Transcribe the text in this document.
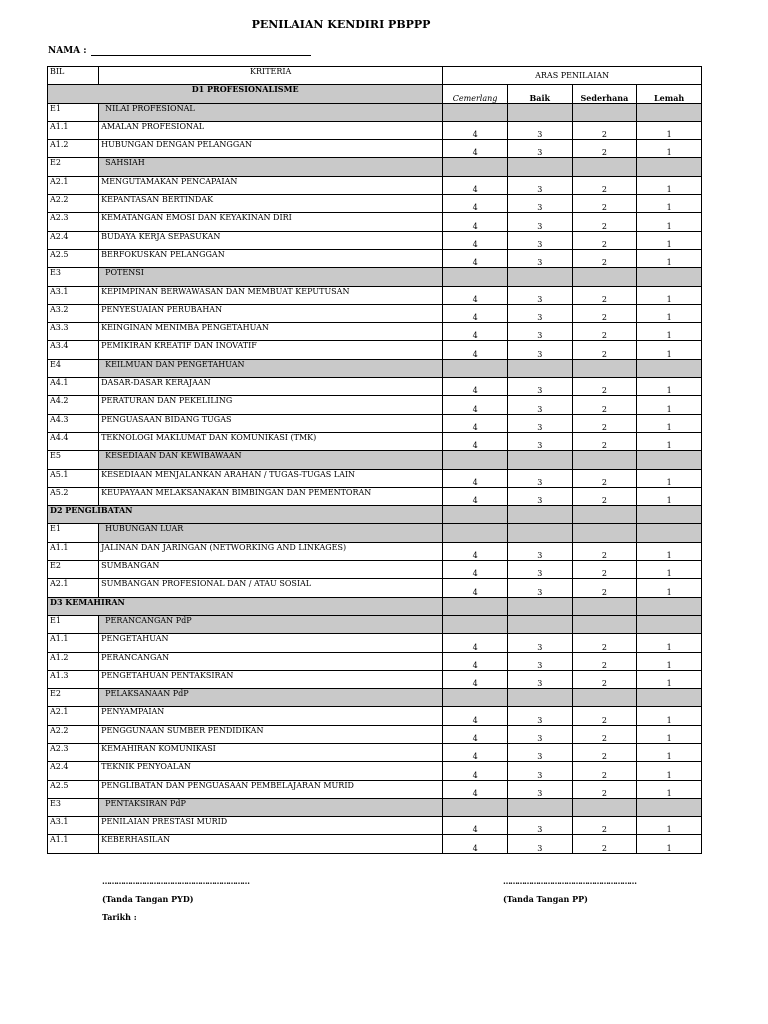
PENILAIAN KENDIRI PBPPP
NAMA :
BIL	KRITERIA	ARAS PENILAIAN			
D1 PROFESIONALISME		Cemerlang	Baik	Sederhana	Lemah
E1	NILAI PROFESIONAL				
A1.1	AMALAN PROFESIONAL	4	3	2	1
A1.2	HUBUNGAN DENGAN PELANGGAN	4	3	2	1
E2	SAHSIAH				
A2.1	MENGUTAMAKAN PENCAPAIAN	4	3	2	1
A2.2	KEPANTASAN BERTINDAK	4	3	2	1
A2.3	KEMATANGAN EMOSI DAN KEYAKINAN DIRI	4	3	2	1
A2.4	BUDAYA KERJA SEPASUKAN	4	3	2	1
A2.5	BERFOKUSKAN PELANGGAN	4	3	2	1
E3	POTENSI				
A3.1	KEPIMPINAN BERWAWASAN DAN MEMBUAT KEPUTUSAN	4	3	2	1
A3.2	PENYESUAIAN PERUBAHAN	4	3	2	1
A3.3	KEINGINAN MENIMBA PENGETAHUAN	4	3	2	1
A3.4	PEMIKIRAN KREATIF DAN INOVATIF	4	3	2	1
E4	KEILMUAN DAN PENGETAHUAN				
A4.1	DASAR-DASAR KERAJAAN	4	3	2	1
A4.2	PERATURAN DAN PEKELILING	4	3	2	1
A4.3	PENGUASAAN BIDANG TUGAS	4	3	2	1
A4.4	TEKNOLOGI MAKLUMAT DAN KOMUNIKASI (TMK)	4	3	2	1
E5	KESEDIAAN DAN KEWIBAWAAN				
A5.1	KESEDIAAN MENJALANKAN ARAHAN / TUGAS-TUGAS LAIN	4	3	2	1
A5.2	KEUPAYAAN MELAKSANAKAN BIMBINGAN DAN PEMENTORAN	4	3	2	1
D2 PENGLIBATAN					
E1	HUBUNGAN LUAR				
A1.1	JALINAN DAN JARINGAN (NETWORKING AND LINKAGES)	4	3	2	1
E2	SUMBANGAN	4	3	2	1
A2.1	SUMBANGAN PROFESIONAL DAN / ATAU SOSIAL	4	3	2	1
D3 KEMAHIRAN					
E1	PERANCANGAN PdP				
A1.1	PENGETAHUAN	4	3	2	1
A1.2	PERANCANGAN	4	3	2	1
A1.3	PENGETAHUAN PENTAKSIRAN	4	3	2	1
E2	PELAKSANAAN PdP				
A2.1	PENYAMPAIAN	4	3	2	1
A2.2	PENGGUNAAN SUMBER PENDIDIKAN	4	3	2	1
A2.3	KEMAHIRAN KOMUNIKASI	4	3	2	1
A2.4	TEKNIK PENYOALAN	4	3	2	1
A2.5	PENGLIBATAN DAN PENGUASAAN PEMBELAJARAN MURID	4	3	2	1
E3	PENTAKSIRAN PdP				
A3.1	PENILAIAN PRESTASI MURID	4	3	2	1
A1.1	KEBERHASILAN	4	3	2	1
………………………………………………………
(Tanda Tangan PYD)
Tarikh :
…………………………………………………
(Tanda Tangan PP)
